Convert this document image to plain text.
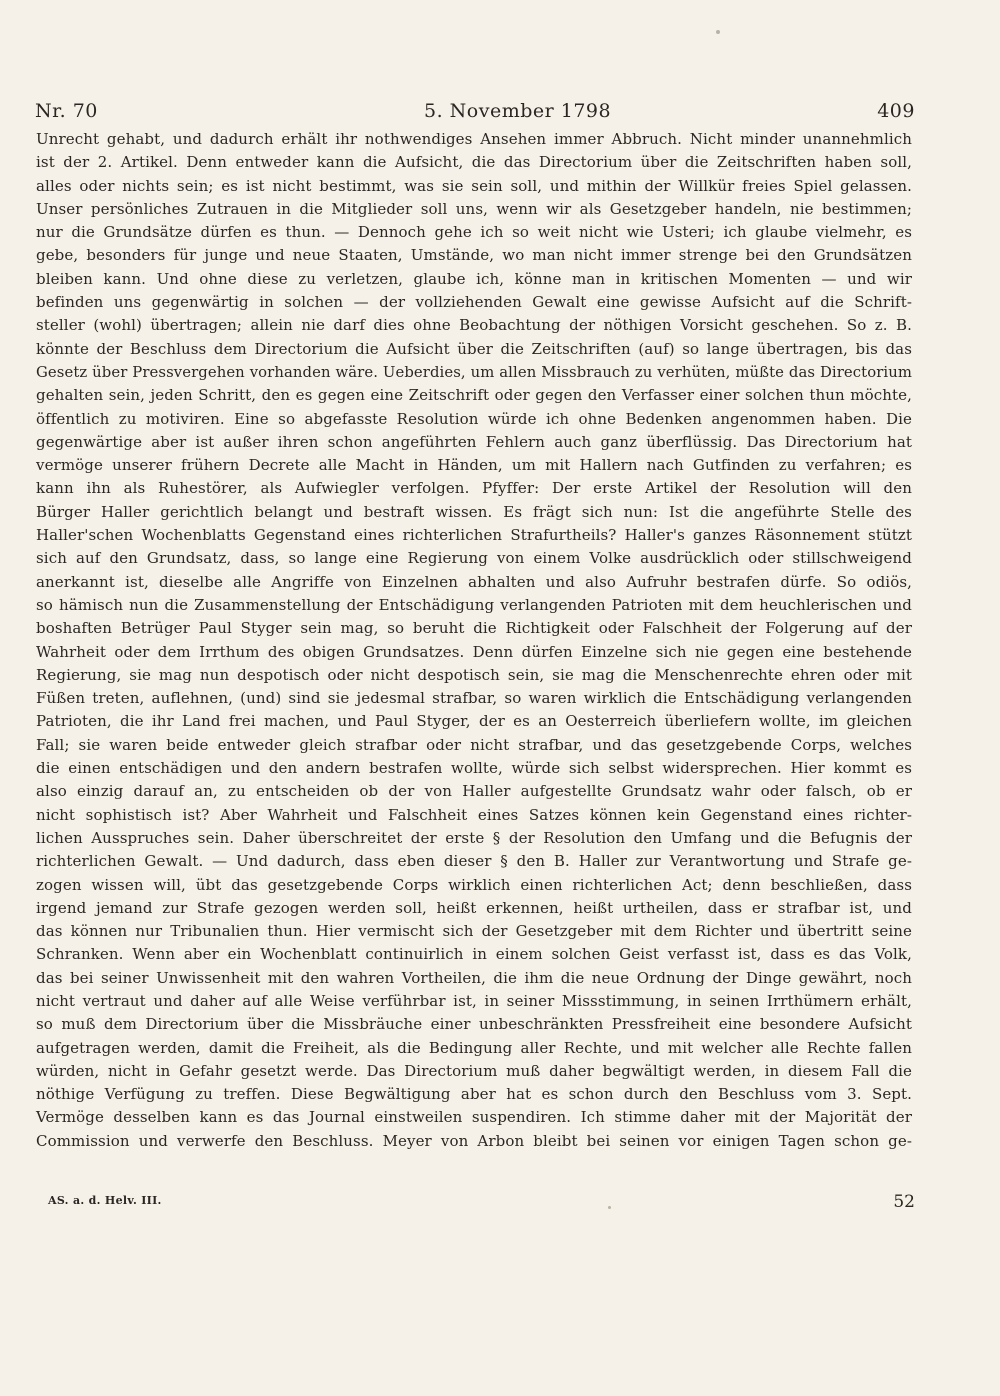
Nr. 70	5. November 1798	409
Unrecht gehabt, und dadurch erhält ihr nothwendiges Ansehen immer Abbruch. Nicht minder unannehmlich
ist der 2. Artikel. Denn entweder kann die Aufsicht, die das Directorium über die Zeitschriften haben soll,
alles oder nichts sein; es ist nicht bestimmt, was sie sein soll, und mithin der Willkür freies Spiel gelassen.
Unser persönliches Zutrauen in die Mitglieder soll uns, wenn wir als Gesetzgeber handeln, nie bestimmen;
nur die Grundsätze dürfen es thun. — Dennoch gehe ich so weit nicht wie Usteri; ich glaube vielmehr, es
gebe, besonders für junge und neue Staaten, Umstände, wo man nicht immer strenge bei den Grundsätzen
bleiben kann. Und ohne diese zu verletzen, glaube ich, könne man in kritischen Momenten — und wir
befinden uns gegenwärtig in solchen — der vollziehenden Gewalt eine gewisse Aufsicht auf die Schrift-
steller (wohl) übertragen; allein nie darf dies ohne Beobachtung der nöthigen Vorsicht geschehen. So z. B.
könnte der Beschluss dem Directorium die Aufsicht über die Zeitschriften (auf) so lange übertragen, bis das
Gesetz über Pressvergehen vorhanden wäre. Ueberdies, um allen Missbrauch zu verhüten, müßte das Directorium
gehalten sein, jeden Schritt, den es gegen eine Zeitschrift oder gegen den Verfasser einer solchen thun möchte,
öffentlich zu motiviren. Eine so abgefasste Resolution würde ich ohne Bedenken angenommen haben. Die
gegenwärtige aber ist außer ihren schon angeführten Fehlern auch ganz überflüssig. Das Directorium hat
vermöge unserer frühern Decrete alle Macht in Händen, um mit Hallern nach Gutfinden zu verfahren; es
kann ihn als Ruhestörer, als Aufwiegler verfolgen. Pfyffer: Der erste Artikel der Resolution will den
Bürger Haller gerichtlich belangt und bestraft wissen. Es frägt sich nun: Ist die angeführte Stelle des
Haller'schen Wochenblatts Gegenstand eines richterlichen Strafurtheils? Haller's ganzes Räsonnement stützt
sich auf den Grundsatz, dass, so lange eine Regierung von einem Volke ausdrücklich oder stillschweigend
anerkannt ist, dieselbe alle Angriffe von Einzelnen abhalten und also Aufruhr bestrafen dürfe. So odiös,
so hämisch nun die Zusammenstellung der Entschädigung verlangenden Patrioten mit dem heuchlerischen und
boshaften Betrüger Paul Styger sein mag, so beruht die Richtigkeit oder Falschheit der Folgerung auf der
Wahrheit oder dem Irrthum des obigen Grundsatzes. Denn dürfen Einzelne sich nie gegen eine bestehende
Regierung, sie mag nun despotisch oder nicht despotisch sein, sie mag die Menschenrechte ehren oder mit
Füßen treten, auflehnen, (und) sind sie jedesmal strafbar, so waren wirklich die Entschädigung verlangenden
Patrioten, die ihr Land frei machen, und Paul Styger, der es an Oesterreich überliefern wollte, im gleichen
Fall; sie waren beide entweder gleich strafbar oder nicht strafbar, und das gesetzgebende Corps, welches
die einen entschädigen und den andern bestrafen wollte, würde sich selbst widersprechen. Hier kommt es
also einzig darauf an, zu entscheiden ob der von Haller aufgestellte Grundsatz wahr oder falsch, ob er
nicht sophistisch ist? Aber Wahrheit und Falschheit eines Satzes können kein Gegenstand eines richter-
lichen Ausspruches sein. Daher überschreitet der erste § der Resolution den Umfang und die Befugnis der
richterlichen Gewalt. — Und dadurch, dass eben dieser § den B. Haller zur Verantwortung und Strafe ge-
zogen wissen will, übt das gesetzgebende Corps wirklich einen richterlichen Act; denn beschließen, dass
irgend jemand zur Strafe gezogen werden soll, heißt erkennen, heißt urtheilen, dass er strafbar ist, und
das können nur Tribunalien thun. Hier vermischt sich der Gesetzgeber mit dem Richter und übertritt seine
Schranken. Wenn aber ein Wochenblatt continuirlich in einem solchen Geist verfasst ist, dass es das Volk,
das bei seiner Unwissenheit mit den wahren Vortheilen, die ihm die neue Ordnung der Dinge gewährt, noch
nicht vertraut und daher auf alle Weise verführbar ist, in seiner Missstimmung, in seinen Irrthümern erhält,
so muß dem Directorium über die Missbräuche einer unbeschränkten Pressfreiheit eine besondere Aufsicht
aufgetragen werden, damit die Freiheit, als die Bedingung aller Rechte, und mit welcher alle Rechte fallen
würden, nicht in Gefahr gesetzt werde. Das Directorium muß daher begwältigt werden, in diesem Fall die
nöthige Verfügung zu treffen. Diese Begwältigung aber hat es schon durch den Beschluss vom 3. Sept.
Vermöge desselben kann es das Journal einstweilen suspendiren. Ich stimme daher mit der Majorität der
Commission und verwerfe den Beschluss. Meyer von Arbon bleibt bei seinen vor einigen Tagen schon ge-
AS. a. d. Helv. III.	52
